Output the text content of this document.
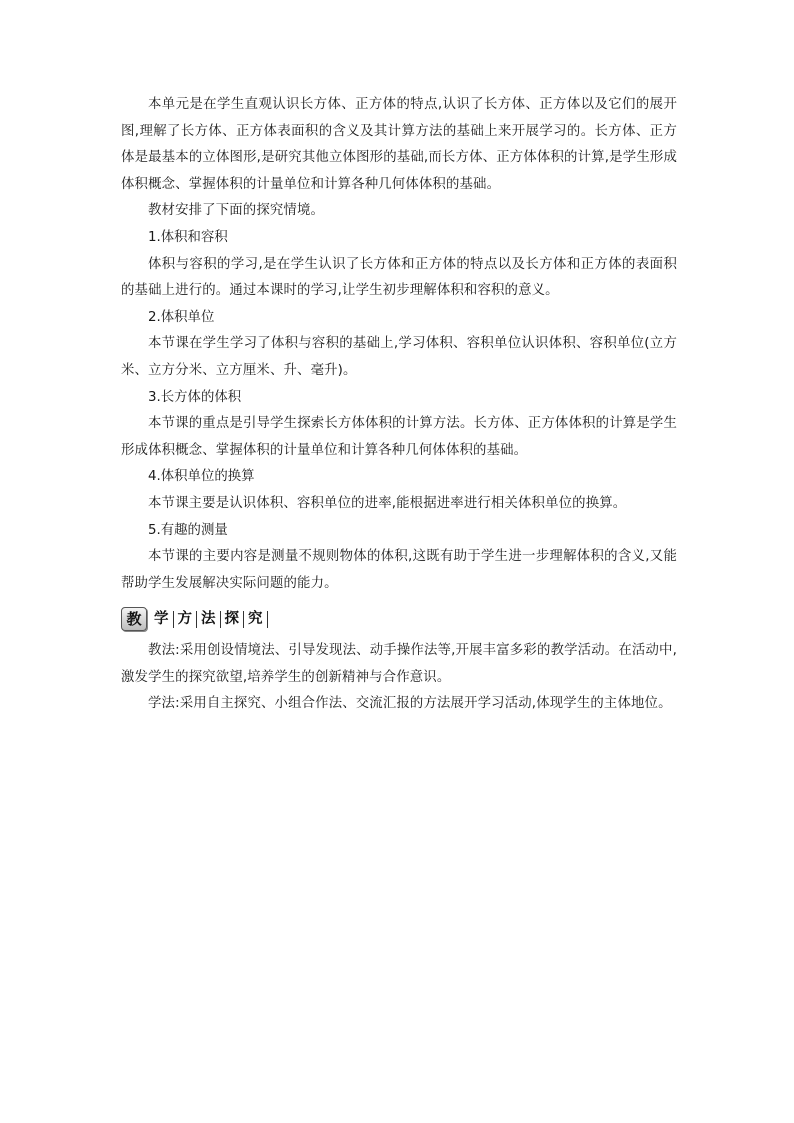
本单元是在学生直观认识长方体、正方体的特点,认识了长方体、正方体以及它们的展开图,理解了长方体、正方体表面积的含义及其计算方法的基础上来开展学习的。长方体、正方体是最基本的立体图形,是研究其他立体图形的基础,而长方体、正方体体积的计算,是学生形成体积概念、掌握体积的计量单位和计算各种几何体体积的基础。

教材安排了下面的探究情境。

1.体积和容积

体积与容积的学习,是在学生认识了长方体和正方体的特点以及长方体和正方体的表面积的基础上进行的。通过本课时的学习,让学生初步理解体积和容积的意义。

2.体积单位

本节课在学生学习了体积与容积的基础上,学习体积、容积单位认识体积、容积单位(立方米、立方分米、立方厘米、升、毫升)。

3.长方体的体积

本节课的重点是引导学生探索长方体体积的计算方法。长方体、正方体体积的计算是学生形成体积概念、掌握体积的计量单位和计算各种几何体体积的基础。

4.体积单位的换算

本节课主要是认识体积、容积单位的进率,能根据进率进行相关体积单位的换算。

5.有趣的测量

本节课的主要内容是测量不规则物体的体积,这既有助于学生进一步理解体积的含义,又能帮助学生发展解决实际问题的能力。

教 学 方 法 探 究

教法:采用创设情境法、引导发现法、动手操作法等,开展丰富多彩的教学活动。在活动中,激发学生的探究欲望,培养学生的创新精神与合作意识。

学法:采用自主探究、小组合作法、交流汇报的方法展开学习活动,体现学生的主体地位。
